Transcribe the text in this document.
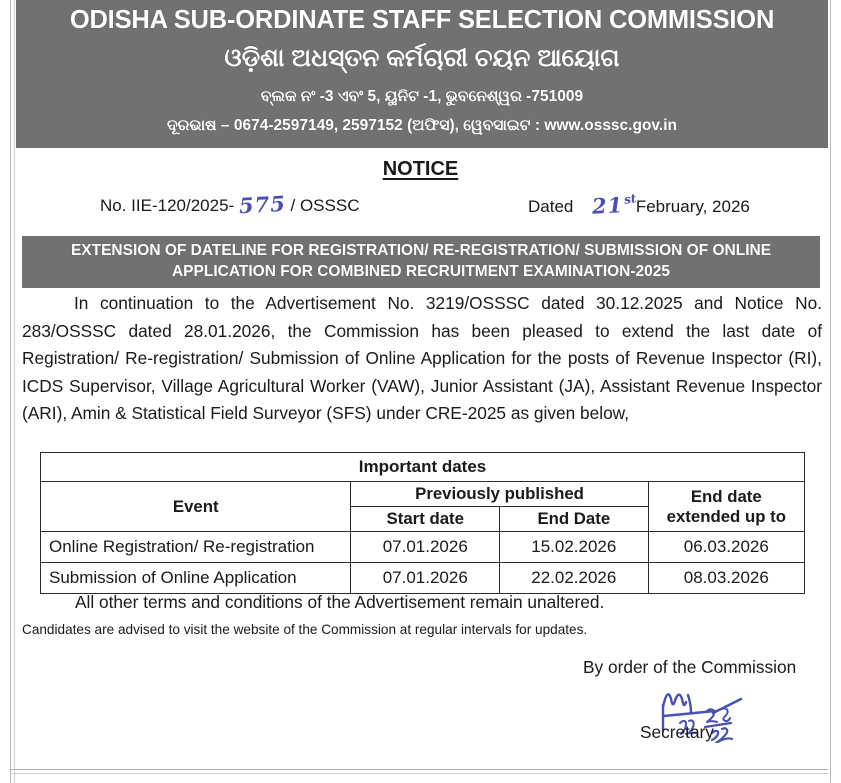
ODISHA SUB-ORDINATE STAFF SELECTION COMMISSION
ଓଡ଼ିଶା ଅଧସ୍ତନ କର୍ମଚାରୀ ଚୟନ ଆୟୋଗ
ବ୍ଲକ ନଂ -3 ଏବଂ 5, ୟୁନିଟ -1, ଭୁବନେଶ୍ୱର -751009
ଦୂରଭାଷ – 0674-2597149, 2597152 (ଅଫିସ), ୱେବସାଇଟ : www.osssc.gov.in
NOTICE
No. IIE-120/2025- 575 / OSSSC	Dated 21stFebruary, 2026
EXTENSION OF DATELINE FOR REGISTRATION/ RE-REGISTRATION/ SUBMISSION OF ONLINE APPLICATION FOR COMBINED RECRUITMENT EXAMINATION-2025
In continuation to the Advertisement No. 3219/OSSSC dated 30.12.2025 and Notice No. 283/OSSSC dated 28.01.2026, the Commission has been pleased to extend the last date of Registration/ Re-registration/ Submission of Online Application for the posts of Revenue Inspector (RI), ICDS Supervisor, Village Agricultural Worker (VAW), Junior Assistant (JA), Assistant Revenue Inspector (ARI), Amin & Statistical Field Surveyor (SFS) under CRE-2025 as given below,
Important dates			
Event	Previously published		End date extended up to
	Start date	End Date	
Online Registration/ Re-registration	07.01.2026	15.02.2026	06.03.2026
Submission of Online Application	07.01.2026	22.02.2026	08.03.2026
All other terms and conditions of the Advertisement remain unaltered.
Candidates are advised to visit the website of the Commission at regular intervals for updates.
By order of the Commission
Secretary
